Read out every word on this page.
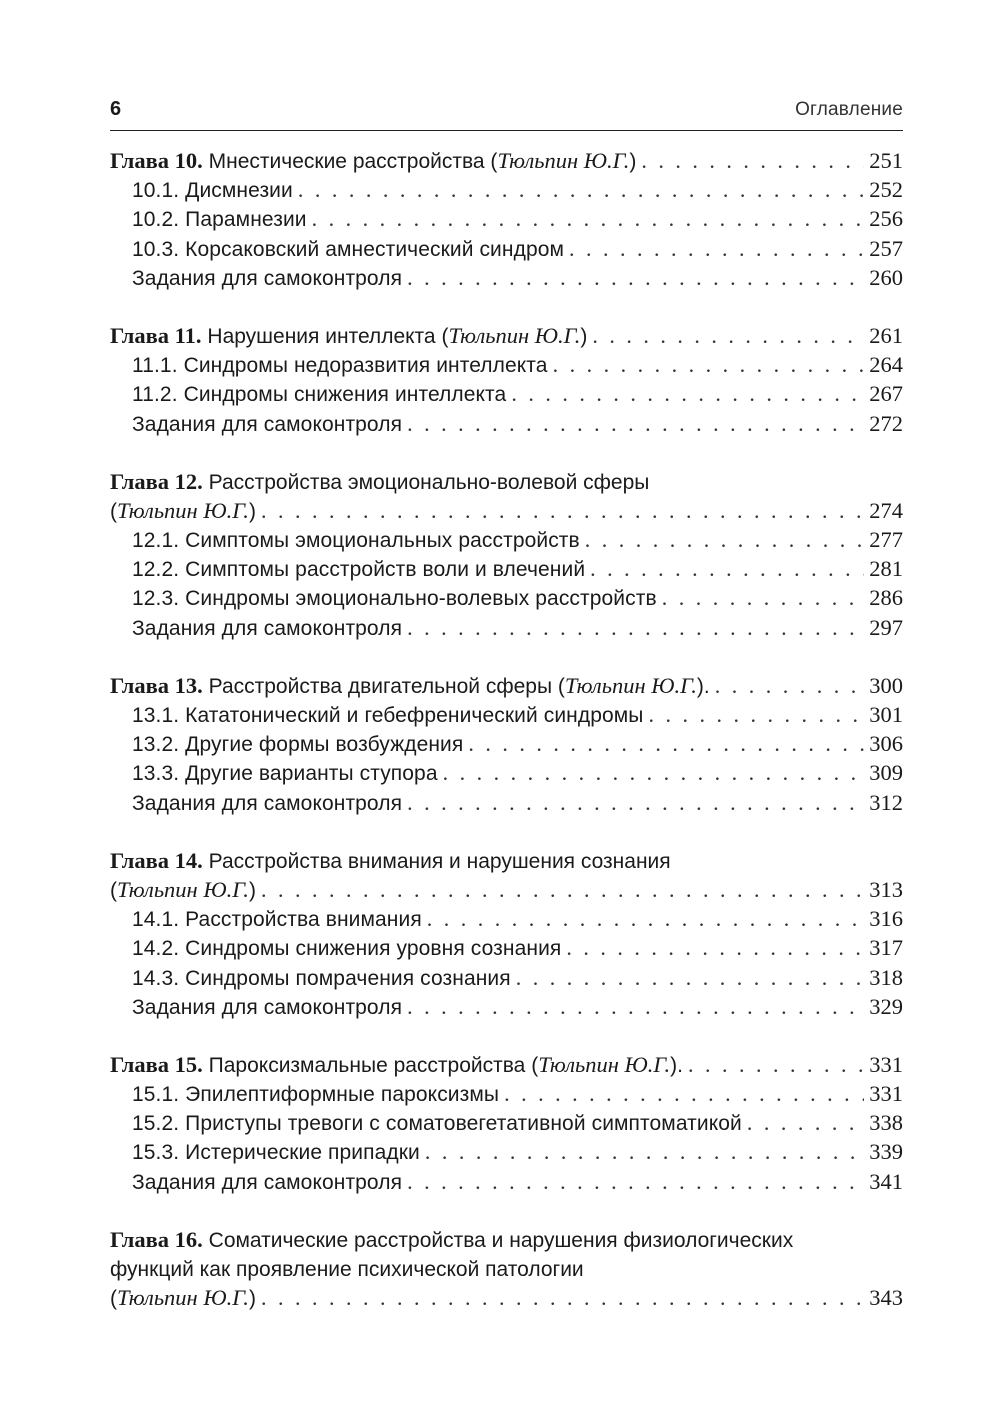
6	Оглавление
Глава 10. Мнестические расстройства (Тюльпин Ю.Г.) . . .	251
10.1. Дисмнезии . . .	252
10.2. Парамнезии . . .	256
10.3. Корсаковский амнестический синдром . . .	257
Задания для самоконтроля . . .	260
Глава 11. Нарушения интеллекта (Тюльпин Ю.Г.) . . .	261
11.1. Синдромы недоразвития интеллекта . . .	264
11.2. Синдромы снижения интеллекта . . .	267
Задания для самоконтроля . . .	272
Глава 12. Расстройства эмоционально-волевой сферы
(Тюльпин Ю.Г.) . . .	274
12.1. Симптомы эмоциональных расстройств . . .	277
12.2. Симптомы расстройств воли и влечений . . .	281
12.3. Синдромы эмоционально-волевых расстройств . . .	286
Задания для самоконтроля . . .	297
Глава 13. Расстройства двигательной сферы (Тюльпин Ю.Г.). . . .	300
13.1. Кататонический и гебефренический синдромы . . .	301
13.2. Другие формы возбуждения . . .	306
13.3. Другие варианты ступора . . .	309
Задания для самоконтроля . . .	312
Глава 14. Расстройства внимания и нарушения сознания
(Тюльпин Ю.Г.) . . .	313
14.1. Расстройства внимания . . .	316
14.2. Синдромы снижения уровня сознания . . .	317
14.3. Синдромы помрачения сознания . . .	318
Задания для самоконтроля . . .	329
Глава 15. Пароксизмальные расстройства (Тюльпин Ю.Г.). . . .	331
15.1. Эпилептиформные пароксизмы . . .	331
15.2. Приступы тревоги с соматовегетативной симптоматикой . . .	338
15.3. Истерические припадки . . .	339
Задания для самоконтроля . . .	341
Глава 16. Соматические расстройства и нарушения физиологических
функций как проявление психической патологии
(Тюльпин Ю.Г.) . . .	343
